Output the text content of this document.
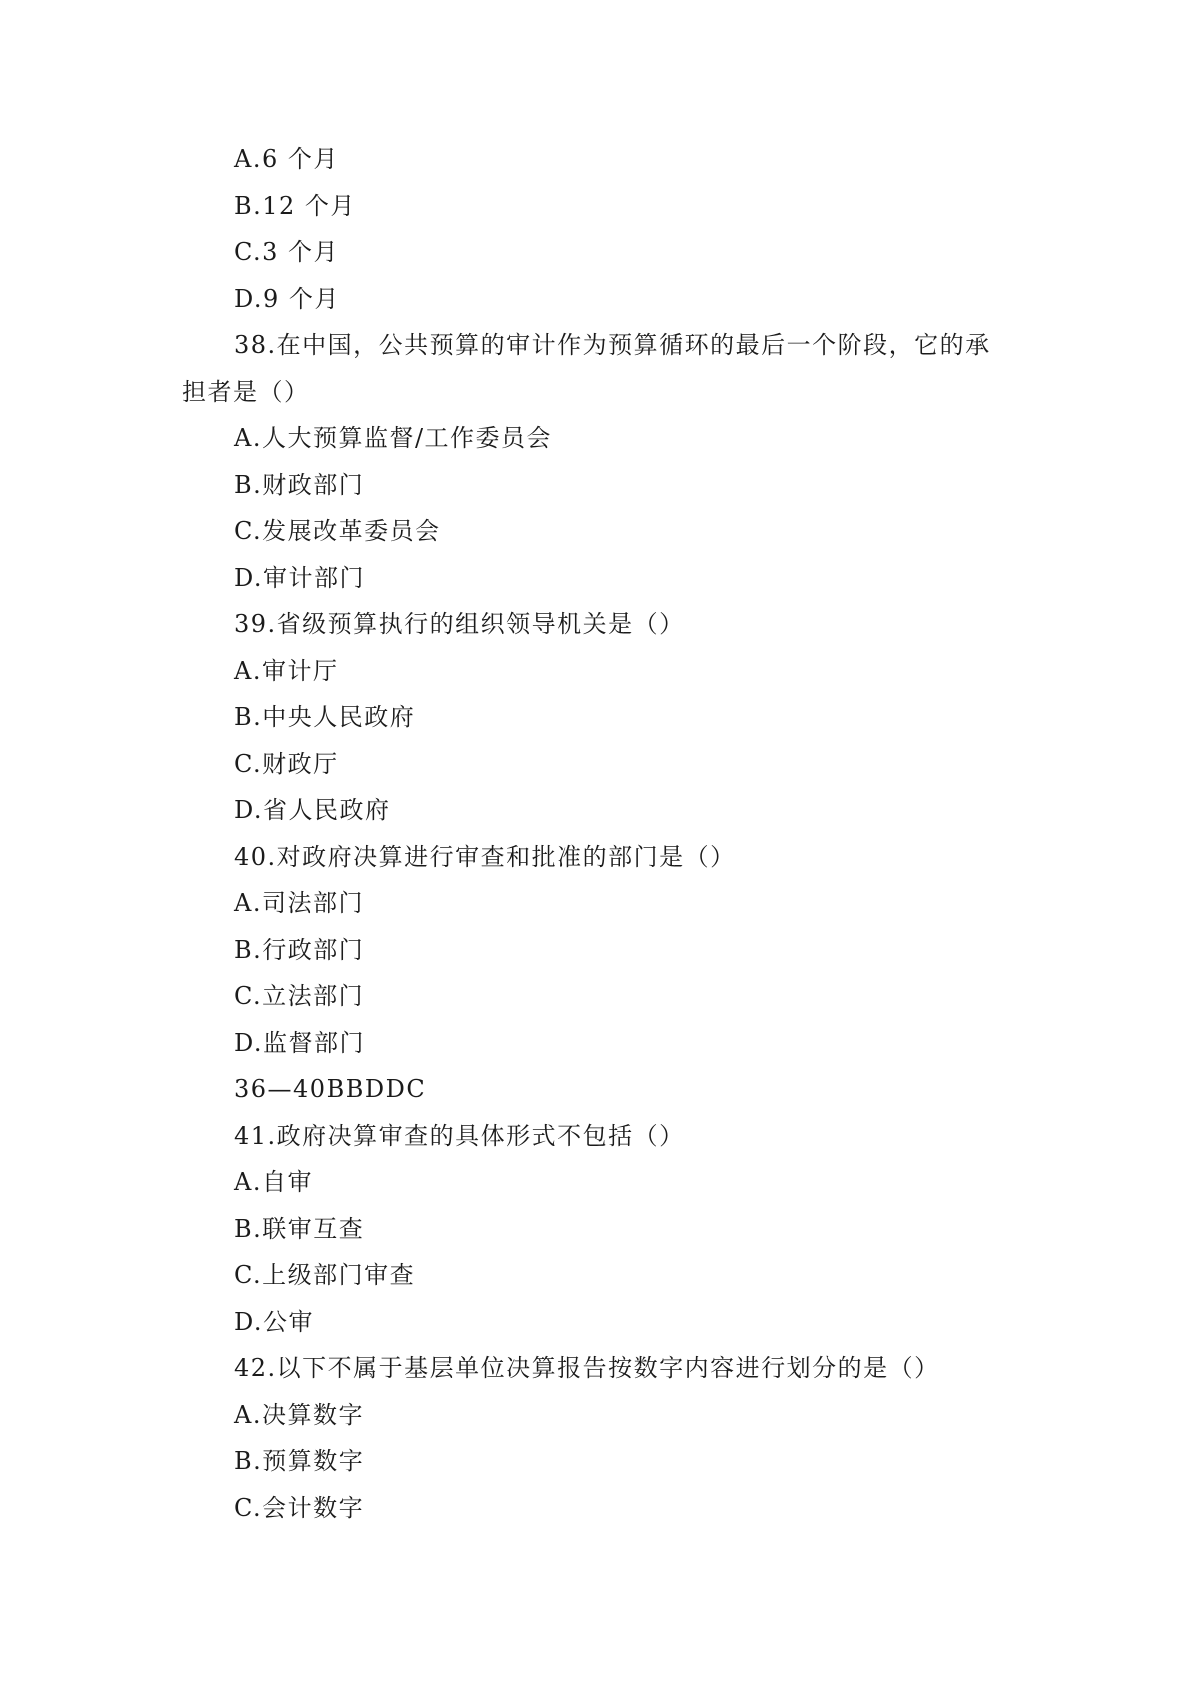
A.6 个月
B.12 个月
C.3 个月
D.9 个月
38.在中国，公共预算的审计作为预算循环的最后一个阶段，它的承担者是（）
A.人大预算监督/工作委员会
B.财政部门
C.发展改革委员会
D.审计部门
39.省级预算执行的组织领导机关是（）
A.审计厅
B.中央人民政府
C.财政厅
D.省人民政府
40.对政府决算进行审查和批准的部门是（）
A.司法部门
B.行政部门
C.立法部门
D.监督部门
36—40BBDDC
41.政府决算审查的具体形式不包括（）
A.自审
B.联审互查
C.上级部门审查
D.公审
42.以下不属于基层单位决算报告按数字内容进行划分的是（）
A.决算数字
B.预算数字
C.会计数字
